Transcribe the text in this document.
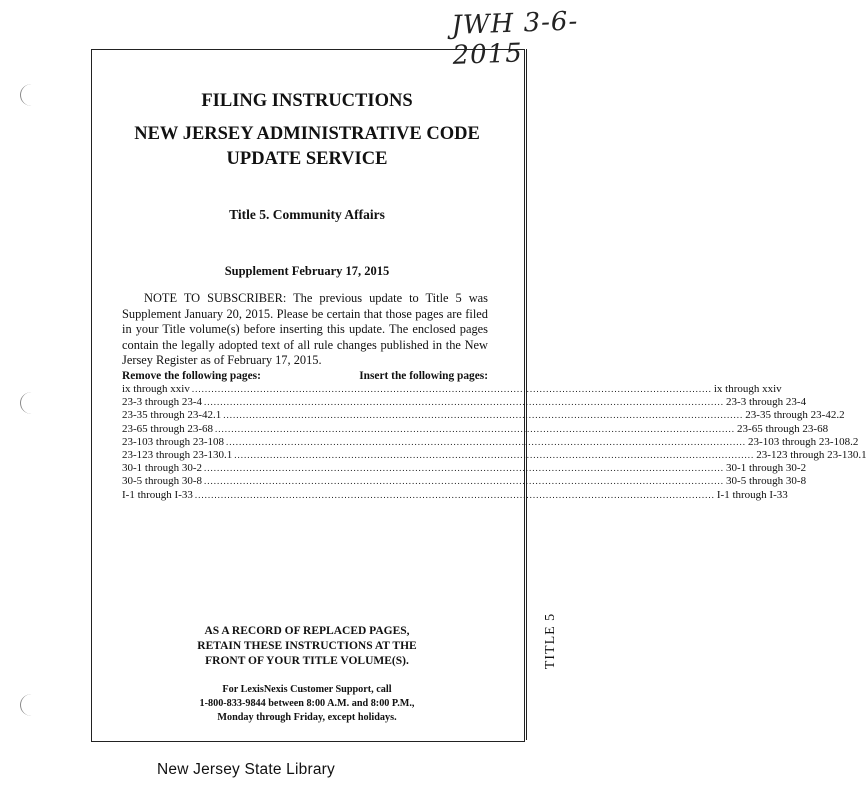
JWH 3-6-2015
TITLE 5
FILING INSTRUCTIONS
NEW JERSEY ADMINISTRATIVE CODE
UPDATE SERVICE
Title 5. Community Affairs
Supplement February 17, 2015
NOTE TO SUBSCRIBER: The previous update to Title 5 was Supplement January 20, 2015. Please be certain that those pages are filed in your Title volume(s) before inserting this update. The enclosed pages contain the legally adopted text of all rule changes published in the New Jersey Register as of February 17, 2015.
Remove the following pages:	Insert the following pages:
ix through xxiv ................................................................................................................................................................ ix through xxiv
23-3 through 23-4 ................................................................................................................................................................ 23-3 through 23-4
23-35 through 23-42.1 ................................................................................................................................................................ 23-35 through 23-42.2
23-65 through 23-68 ................................................................................................................................................................ 23-65 through 23-68
23-103 through 23-108 ................................................................................................................................................................ 23-103 through 23-108.2
23-123 through 23-130.1 ................................................................................................................................................................ 23-123 through 23-130.1
30-1 through 30-2 ................................................................................................................................................................ 30-1 through 30-2
30-5 through 30-8 ................................................................................................................................................................ 30-5 through 30-8
I-1 through I-33 ................................................................................................................................................................ I-1 through I-33
AS A RECORD OF REPLACED PAGES,
RETAIN THESE INSTRUCTIONS AT THE
FRONT OF YOUR TITLE VOLUME(S).
For LexisNexis Customer Support, call
1-800-833-9844 between 8:00 A.M. and 8:00 P.M.,
Monday through Friday, except holidays.
New Jersey State Library
